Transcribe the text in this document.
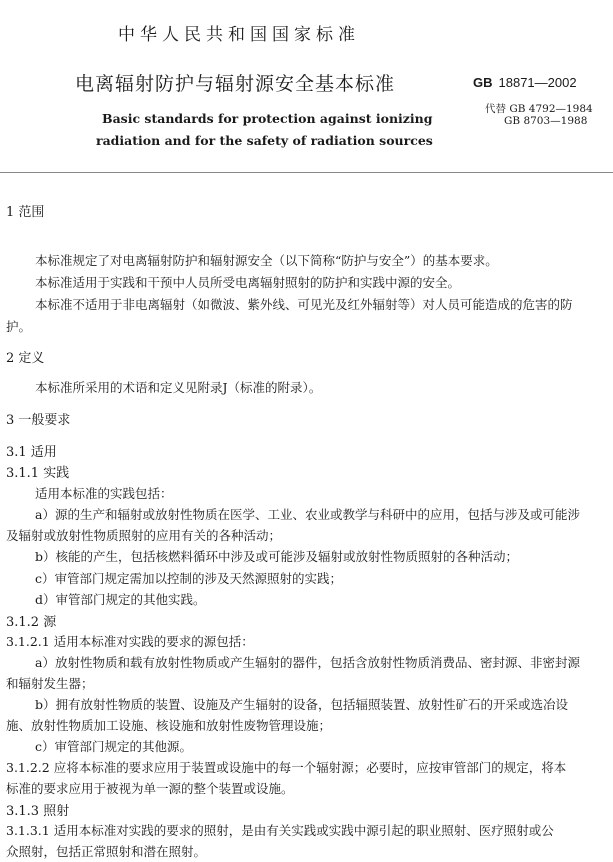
中华人民共和国国家标准
电离辐射防护与辐射源安全基本标准	GB 18871—2002
代替 GB 4792—1984
GB 8703—1988
Basic standards for protection against ionizing
radiation and for the safety of radiation sources
1 范围
本标准规定了对电离辐射防护和辐射源安全（以下简称“防护与安全”）的基本要求。
本标准适用于实践和干预中人员所受电离辐射照射的防护和实践中源的安全。
本标准不适用于非电离辐射（如微波、紫外线、可见光及红外辐射等）对人员可能造成的危害的防
护。
2 定义
本标准所采用的术语和定义见附录J（标准的附录）。
3 一般要求
3.1 适用
3.1.1 实践
适用本标准的实践包括：
a）源的生产和辐射或放射性物质在医学、工业、农业或教学与科研中的应用，包括与涉及或可能涉
及辐射或放射性物质照射的应用有关的各种活动；
b）核能的产生，包括核燃料循环中涉及或可能涉及辐射或放射性物质照射的各种活动；
c）审管部门规定需加以控制的涉及天然源照射的实践；
d）审管部门规定的其他实践。
3.1.2 源
3.1.2.1 适用本标准对实践的要求的源包括：
a）放射性物质和载有放射性物质或产生辐射的器件，包括含放射性物质消费品、密封源、非密封源
和辐射发生器；
b）拥有放射性物质的装置、设施及产生辐射的设备，包括辐照装置、放射性矿石的开采或选冶设
施、放射性物质加工设施、核设施和放射性废物管理设施；
c）审管部门规定的其他源。
3.1.2.2 应将本标准的要求应用于装置或设施中的每一个辐射源；必要时，应按审管部门的规定，将本
标准的要求应用于被视为单一源的整个装置或设施。
3.1.3 照射
3.1.3.1 适用本标准对实践的要求的照射，是由有关实践或实践中源引起的职业照射、医疗照射或公
众照射，包括正常照射和潜在照射。
